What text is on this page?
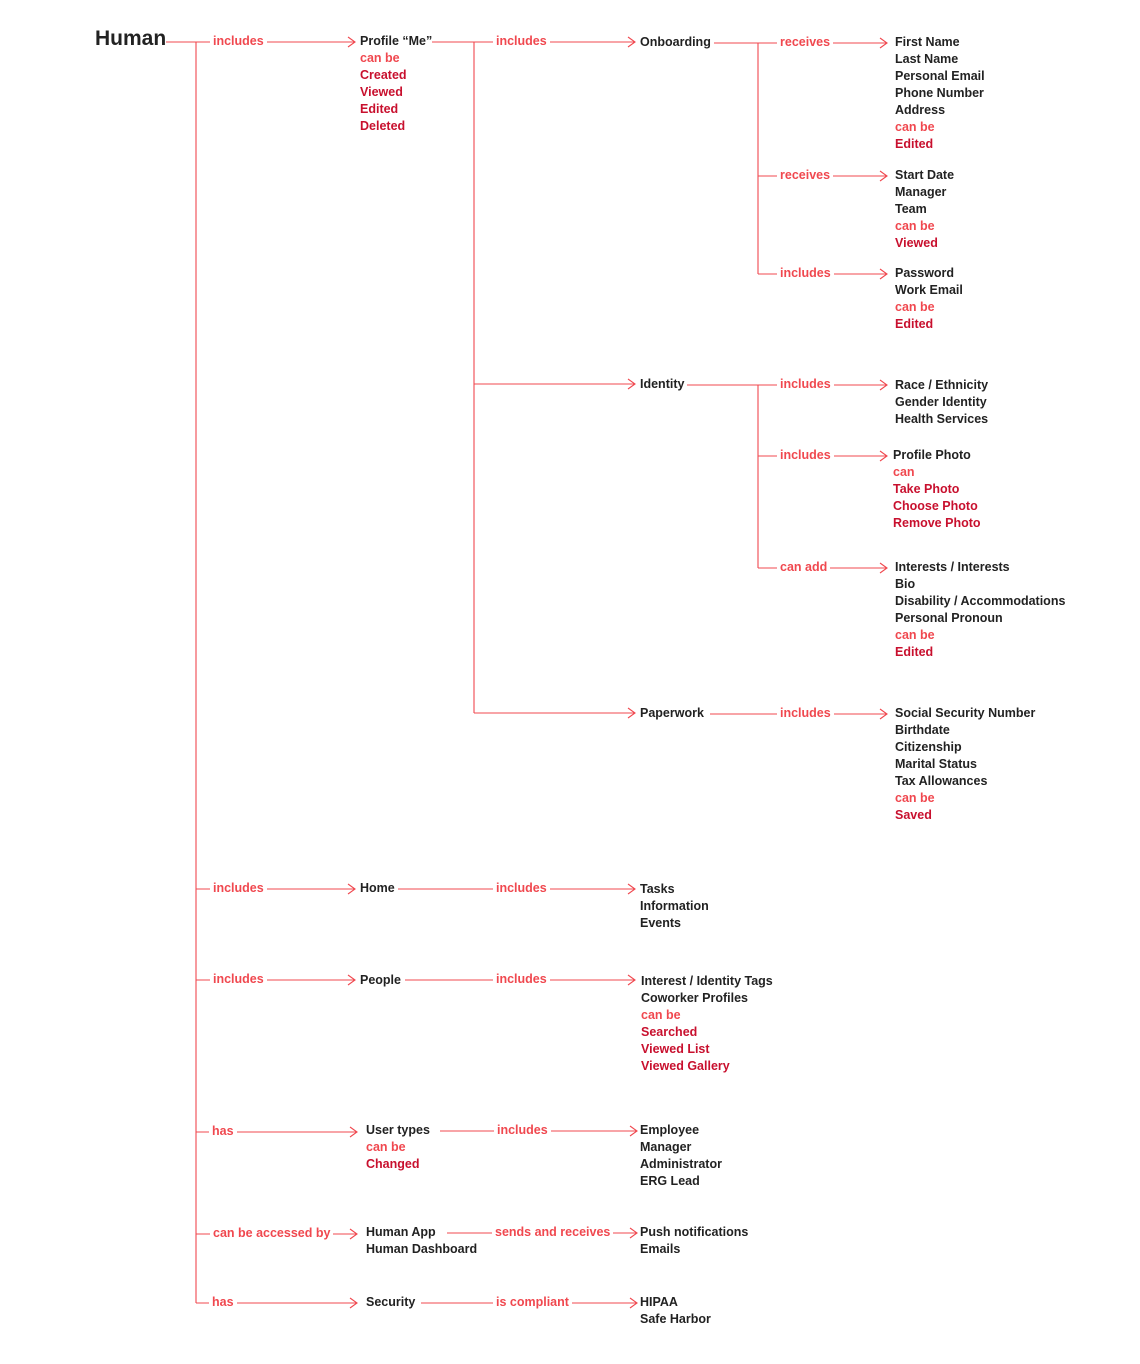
Human	includes
includes
includes
has
can be accessed by
has
includes	receives
receives
includes
includes
includes
can add
includes
includes
includes
includes
sends and receives
is compliant
Profile “Me”
can be
Created
Viewed
Edited
Deleted
Onboarding	First Name
Last Name
Personal Email
Phone Number
Address
can be
Edited
Start Date
Manager
Team
can be
Viewed
Password
Work Email
can be
Edited
Identity	Race / Ethnicity
Gender Identity
Health Services
Profile Photo
can
Take Photo
Choose Photo
Remove Photo
Interests / Interests
Bio
Disability / Accommodations
Personal Pronoun
can be
Edited
Paperwork	Social Security Number
Birthdate
Citizenship
Marital Status
Tax Allowances
can be
Saved
Home	Tasks
Information
Events
People	Interest / Identity Tags
Coworker Profiles
can be
Searched
Viewed List
Viewed Gallery
User types
can be
Changed
Employee
Manager
Administrator
ERG Lead
Human App
Human Dashboard
Push notifications
Emails
Security	HIPAA
Safe Harbor
